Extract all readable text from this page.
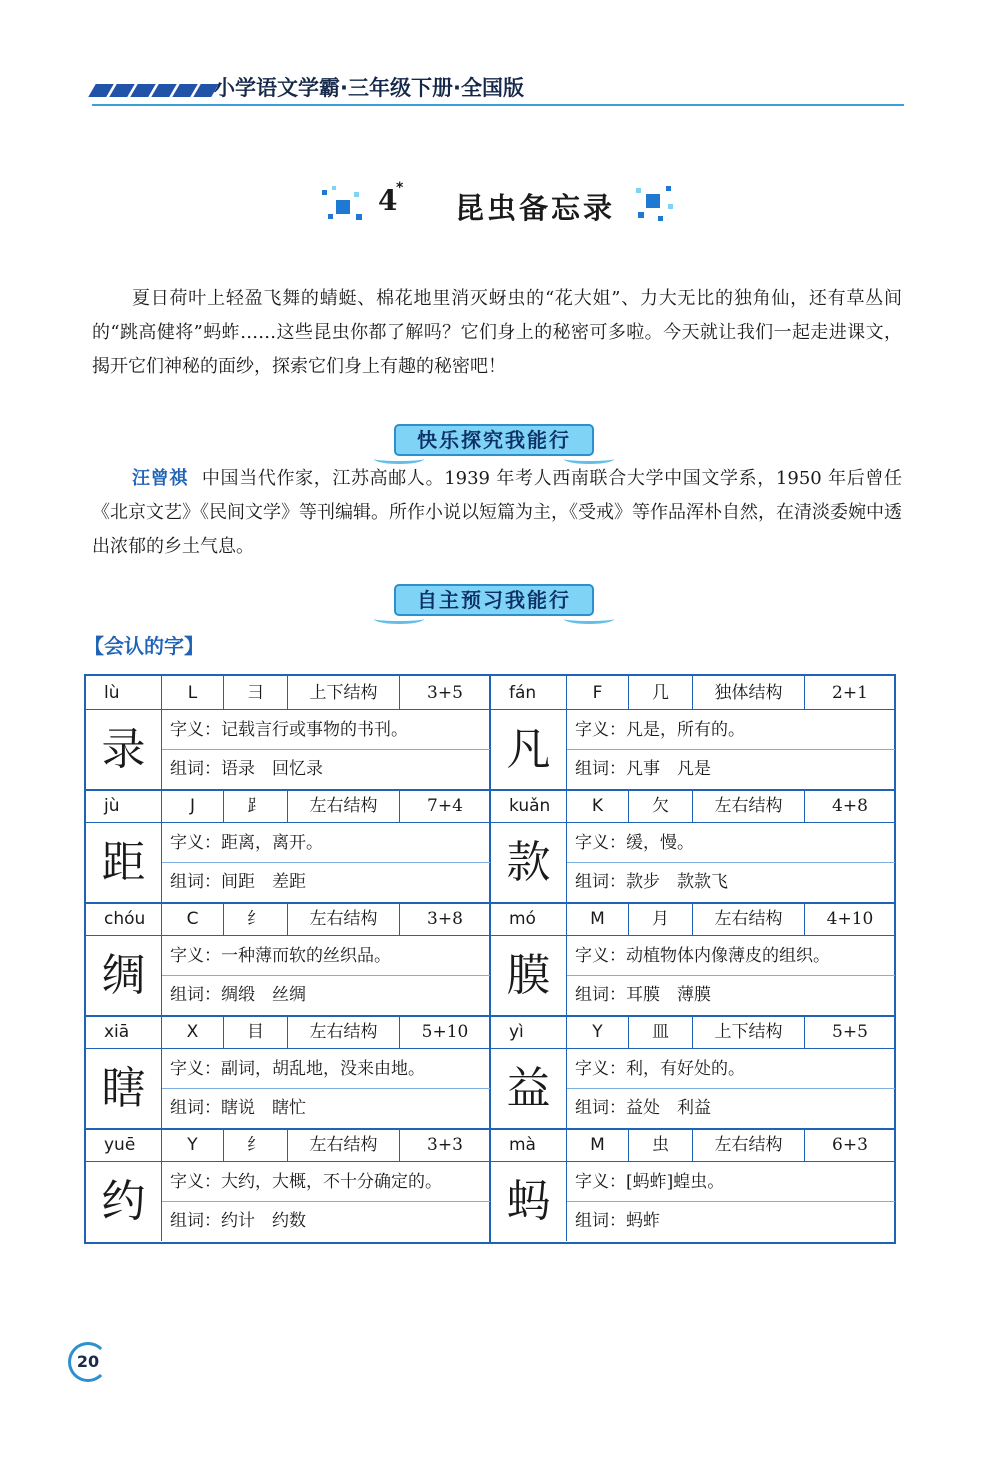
小学语文学霸·三年级下册·全国版
4
*
昆虫备忘录

夏日荷叶上轻盈飞舞的蜻蜓、棉花地里消灭蚜虫的“花大姐”、力大无比的独角仙，还有草丛间的“跳高健将”蚂蚱……这些昆虫你都了解吗？它们身上的秘密可多啦。今天就让我们一起走进课文，揭开它们神秘的面纱，探索它们身上有趣的秘密吧！

快乐探究我能行

汪曾祺 中国当代作家，江苏高邮人。1939 年考人西南联合大学中国文学系，1950 年后曾任《北京文艺》《民间文学》等刊编辑。所作小说以短篇为主，《受戒》等作品浑朴自然，在清淡委婉中透出浓郁的乡土气息。

自主预习我能行
【会认的字】
lù	L	彐	上下结构	3+5
录	字义：记载言行或事物的书刊。
组词：语录　回忆录
fán	F	几	独体结构	2+1
凡	字义：凡是，所有的。
组词：凡事　凡是
jù	J	⻊	左右结构	7+4
距	字义：距离，离开。
组词：间距　差距
kuǎn	K	欠	左右结构	4+8
款	字义：缓，慢。
组词：款步　款款飞
chóu	C	纟	左右结构	3+8
绸	字义：一种薄而软的丝织品。
组词：绸缎　丝绸
mó	M	月	左右结构	4+10
膜	字义：动植物体内像薄皮的组织。
组词：耳膜　薄膜
xiā	X	目	左右结构	5+10
瞎	字义：副词，胡乱地，没来由地。
组词：瞎说　瞎忙
yì	Y	皿	上下结构	5+5
益	字义：利，有好处的。
组词：益处　利益
yuē	Y	纟	左右结构	3+3
约	字义：大约，大概，不十分确定的。
组词：约计　约数
mà	M	虫	左右结构	6+3
蚂	字义：[蚂蚱]蝗虫。
组词：蚂蚱
20
